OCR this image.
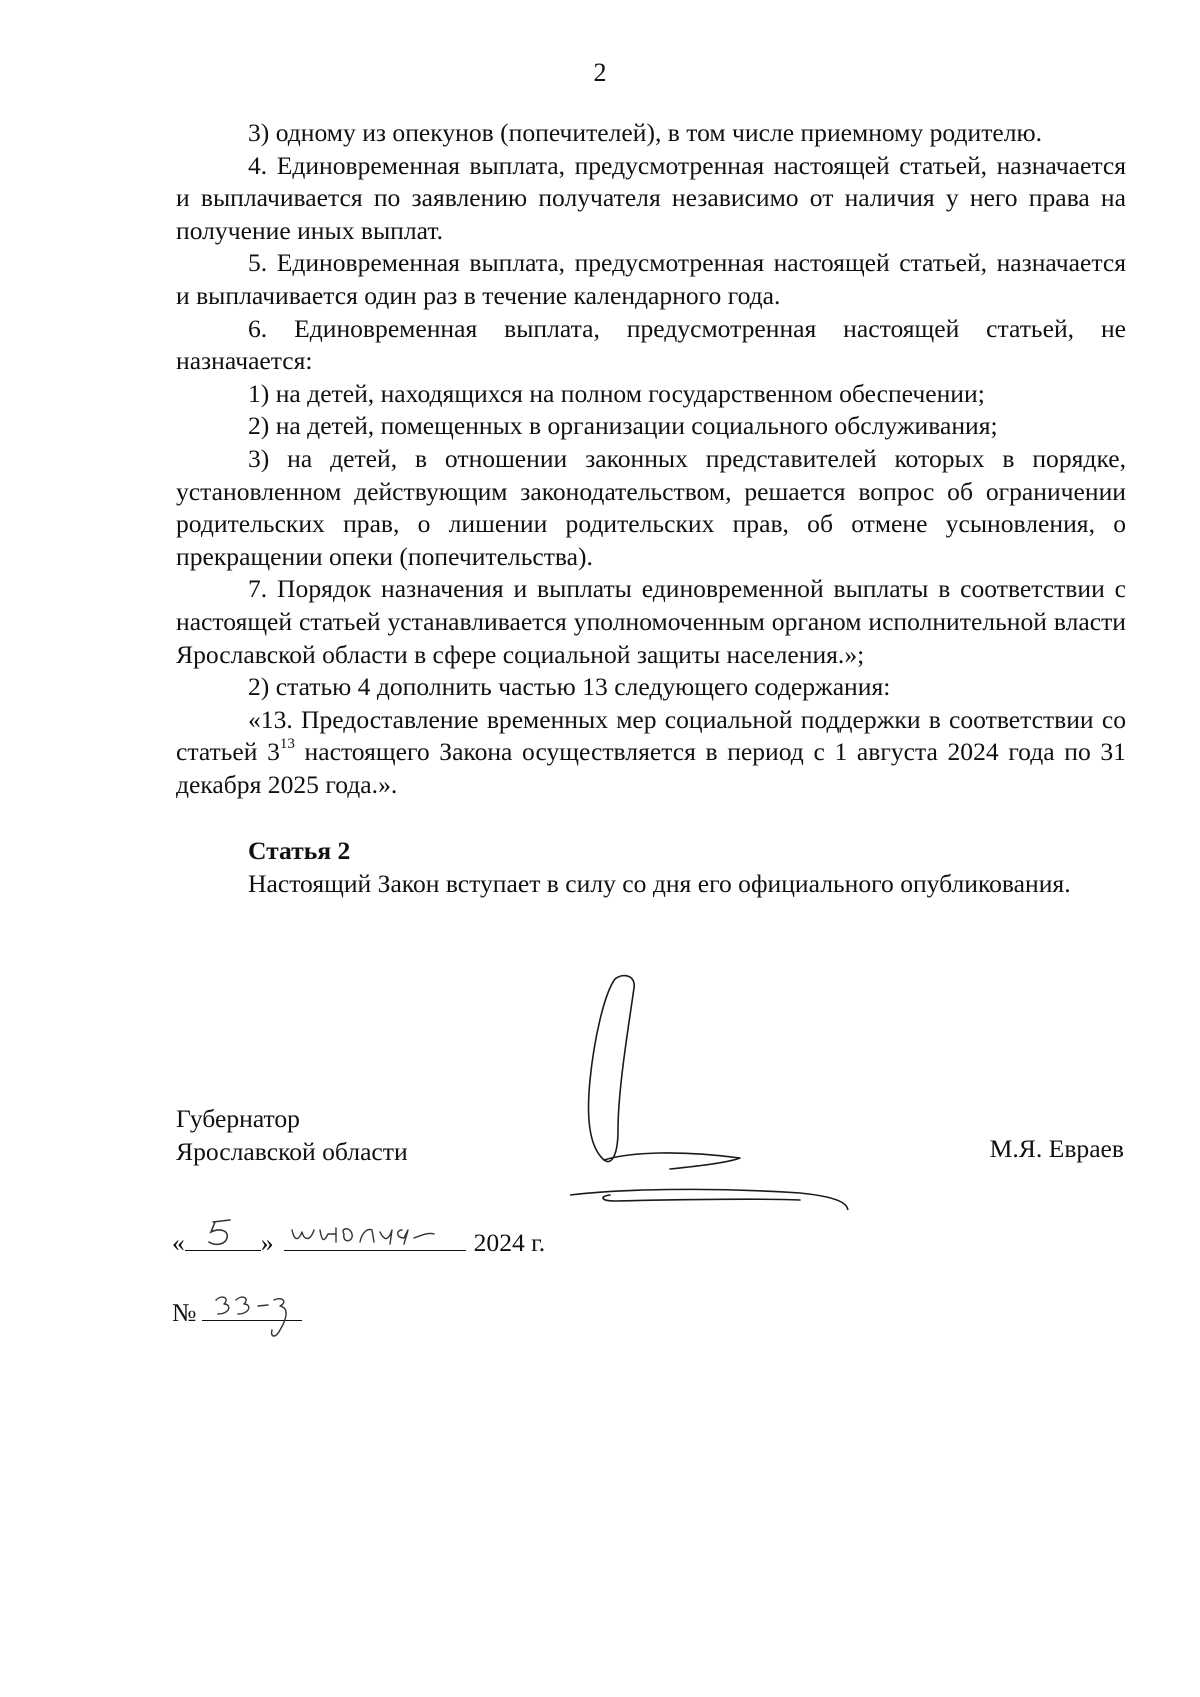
2

3) одному из опекунов (попечителей), в том числе приемному родителю.

4. Единовременная выплата, предусмотренная настоящей статьей, назначается и выплачивается по заявлению получателя независимо от наличия у него права на получение иных выплат.

5. Единовременная выплата, предусмотренная настоящей статьей, назначается и выплачивается один раз в течение календарного года.

6. Единовременная выплата, предусмотренная настоящей статьей, не назначается:

1) на детей, находящихся на полном государственном обеспечении;

2) на детей, помещенных в организации социального обслуживания;

3) на детей, в отношении законных представителей которых в порядке, установленном действующим законодательством, решается вопрос об ограничении родительских прав, о лишении родительских прав, об отмене усыновления, о прекращении опеки (попечительства).

7. Порядок назначения и выплаты единовременной выплаты в соответствии с настоящей статьей устанавливается уполномоченным органом исполнительной власти Ярославской области в сфере социальной защиты населения.»;

2) статью 4 дополнить частью 13 следующего содержания:

«13. Предоставление временных мер социальной поддержки в соответствии со статьей $3^{13}$ настоящего Закона осуществляется в период с 1 августа 2024 года по 31 декабря 2025 года.».

Статья 2

Настоящий Закон вступает в силу со дня его официального опубликования.

Губернатор
Ярославской области	М.Я. Евраев
«	»	2024 г.
№
